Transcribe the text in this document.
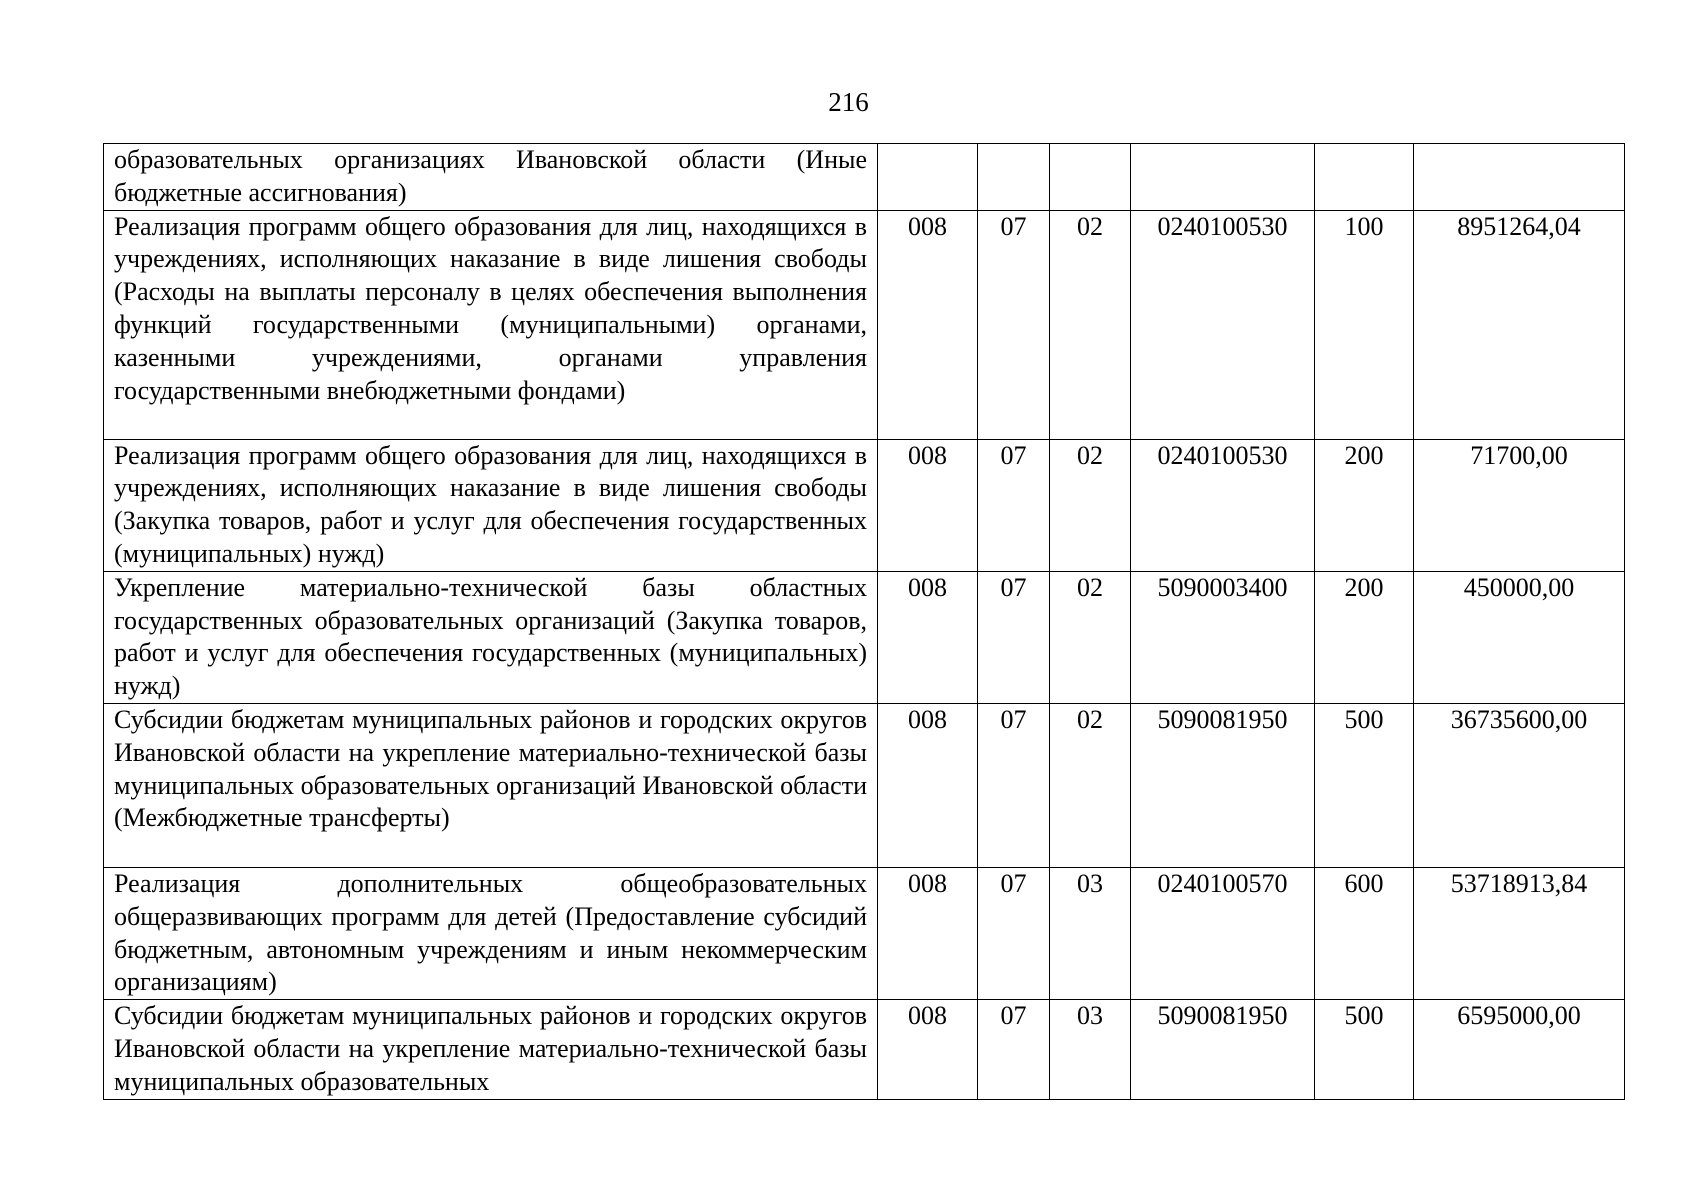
216
образовательных организациях Ивановской области (Иные бюджетные ассигнования)						
Реализация программ общего образования для лиц, находящихся в учреждениях, исполняющих наказание в виде лишения свободы (Расходы на выплаты персоналу в целях обеспечения выполнения функций государственными (муниципальными) органами, казенными учреждениями, органами управления государственными внебюджетными фондами)	008	07	02	0240100530	100	8951264,04
Реализация программ общего образования для лиц, находящихся в учреждениях, исполняющих наказание в виде лишения свободы (Закупка товаров, работ и услуг для обеспечения государственных (муниципальных) нужд)	008	07	02	0240100530	200	71700,00
Укрепление материально-технической базы областных государственных образовательных организаций (Закупка товаров, работ и услуг для обеспечения государственных (муниципальных) нужд)	008	07	02	5090003400	200	450000,00
Субсидии бюджетам муниципальных районов и городских округов Ивановской области на укрепление материально-технической базы муниципальных образовательных организаций Ивановской области (Межбюджетные трансферты)	008	07	02	5090081950	500	36735600,00
Реализация дополнительных общеобразовательных общеразвивающих программ для детей (Предоставление субсидий бюджетным, автономным учреждениям и иным некоммерческим организациям)	008	07	03	0240100570	600	53718913,84
Субсидии бюджетам муниципальных районов и городских округов Ивановской области на укрепление материально-технической базы муниципальных образовательных	008	07	03	5090081950	500	6595000,00
